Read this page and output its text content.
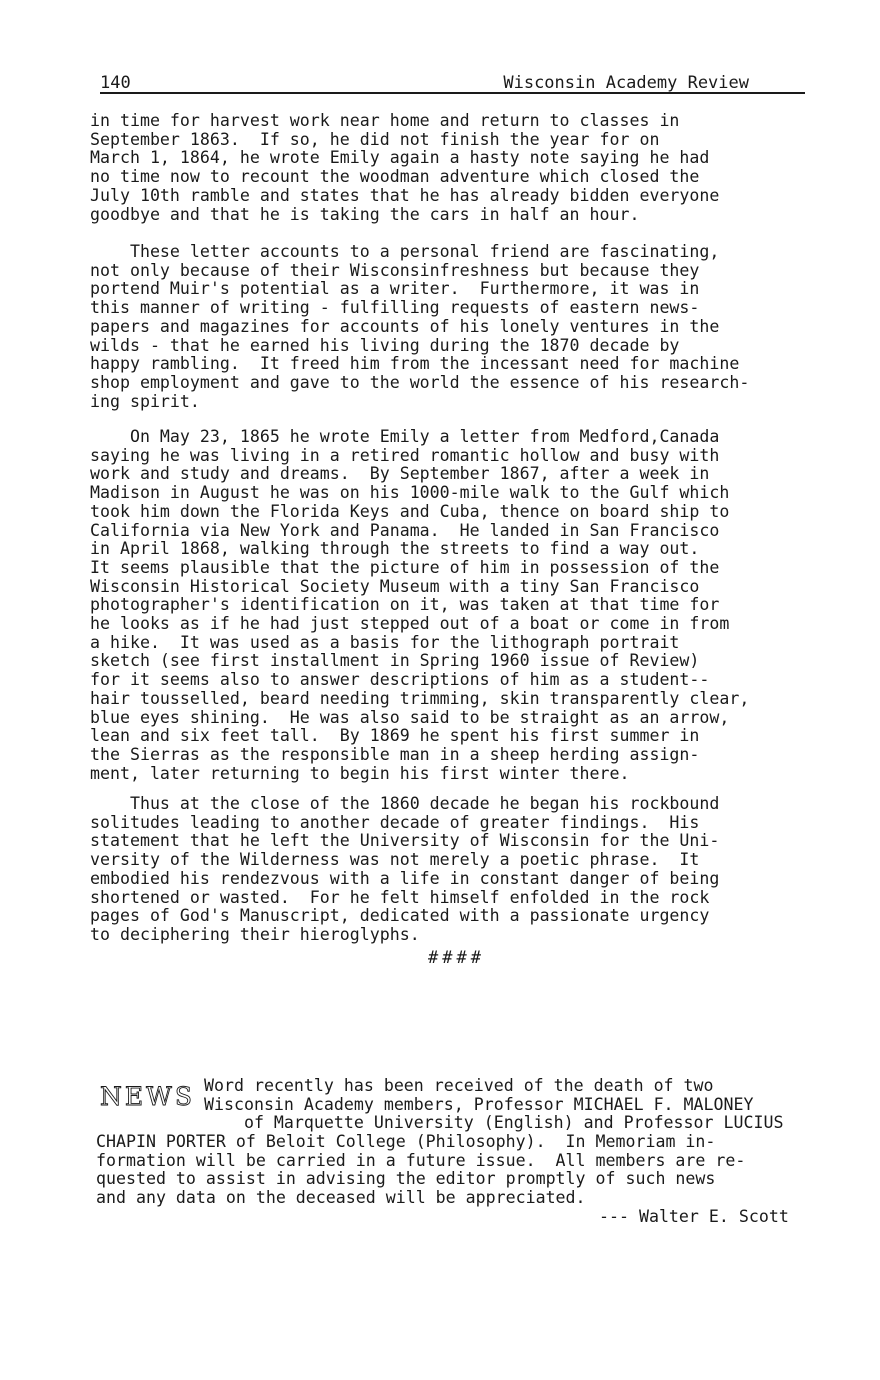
140	Wisconsin Academy Review

in time for harvest work near home and return to classes in
September 1863.  If so, he did not finish the year for on
March 1, 1864, he wrote Emily again a hasty note saying he had
no time now to recount the woodman adventure which closed the
July 10th ramble and states that he has already bidden everyone
goodbye and that he is taking the cars in half an hour.

These letter accounts to a personal friend are fascinating,
not only because of their Wisconsinfreshness but because they
portend Muir's potential as a writer.  Furthermore, it was in
this manner of writing - fulfilling requests of eastern news-
papers and magazines for accounts of his lonely ventures in the
wilds - that he earned his living during the 1870 decade by
happy rambling.  It freed him from the incessant need for machine
shop employment and gave to the world the essence of his research-
ing spirit.

On May 23, 1865 he wrote Emily a letter from Medford,Canada
saying he was living in a retired romantic hollow and busy with
work and study and dreams.  By September 1867, after a week in
Madison in August he was on his 1000-mile walk to the Gulf which
took him down the Florida Keys and Cuba, thence on board ship to
California via New York and Panama.  He landed in San Francisco
in April 1868, walking through the streets to find a way out.
It seems plausible that the picture of him in possession of the
Wisconsin Historical Society Museum with a tiny San Francisco
photographer's identification on it, was taken at that time for
he looks as if he had just stepped out of a boat or come in from
a hike.  It was used as a basis for the lithograph portrait
sketch (see first installment in Spring 1960 issue of Review)
for it seems also to answer descriptions of him as a student--
hair tousselled, beard needing trimming, skin transparently clear,
blue eyes shining.  He was also said to be straight as an arrow,
lean and six feet tall.  By 1869 he spent his first summer in
the Sierras as the responsible man in a sheep herding assign-
ment, later returning to begin his first winter there.

Thus at the close of the 1860 decade he began his rockbound
solitudes leading to another decade of greater findings.  His
statement that he left the University of Wisconsin for the Uni-
versity of the Wilderness was not merely a poetic phrase.  It
embodied his rendezvous with a life in constant danger of being
shortened or wasted.  For he felt himself enfolded in the rock
pages of God's Manuscript, dedicated with a passionate urgency
to deciphering their hieroglyphs.

####
NEWS Word recently has been received of the death of two
Wisconsin Academy members, Professor MICHAEL F. MALONEY
of Marquette University (English) and Professor LUCIUS

CHAPIN PORTER of Beloit College (Philosophy).  In Memoriam in-
formation will be carried in a future issue.  All members are re-
quested to assist in advising the editor promptly of such news
and any data on the deceased will be appreciated.

--- Walter E. Scott
